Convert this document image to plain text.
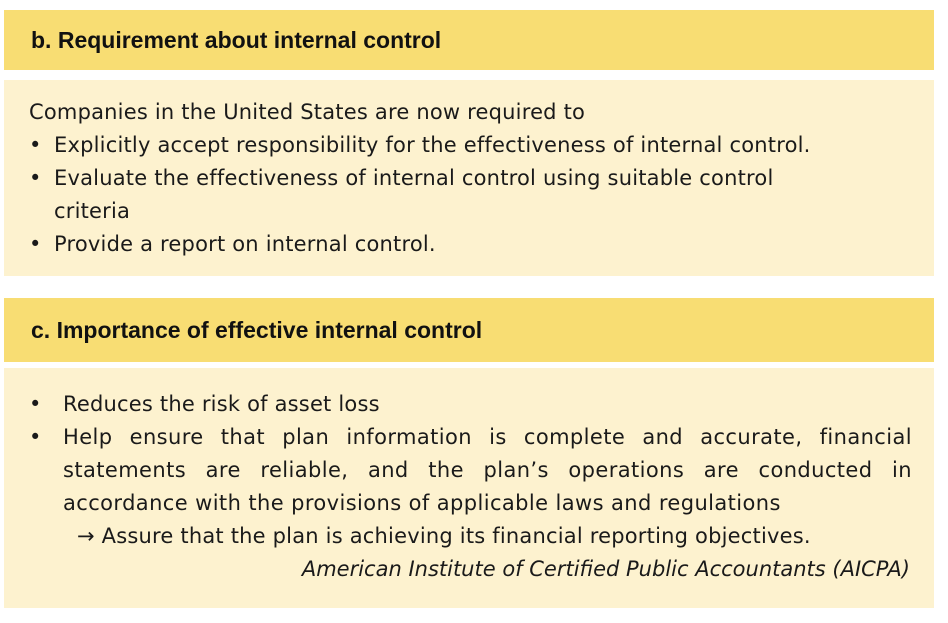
b. Requirement about internal control
Companies in the United States are now required to
• Explicitly accept responsibility for the effectiveness of internal control.
• Evaluate the effectiveness of internal control using suitable control criteria
• Provide a report on internal control.
c. Importance of effective internal control
•	Reduces the risk of asset loss
•	Help ensure that plan information is complete and accurate, financial statements are reliable, and the plan’s operations are conducted in accordance with the provisions of applicable laws and regulations
→ Assure that the plan is achieving its financial reporting objectives.
American Institute of Certified Public Accountants (AICPA)
